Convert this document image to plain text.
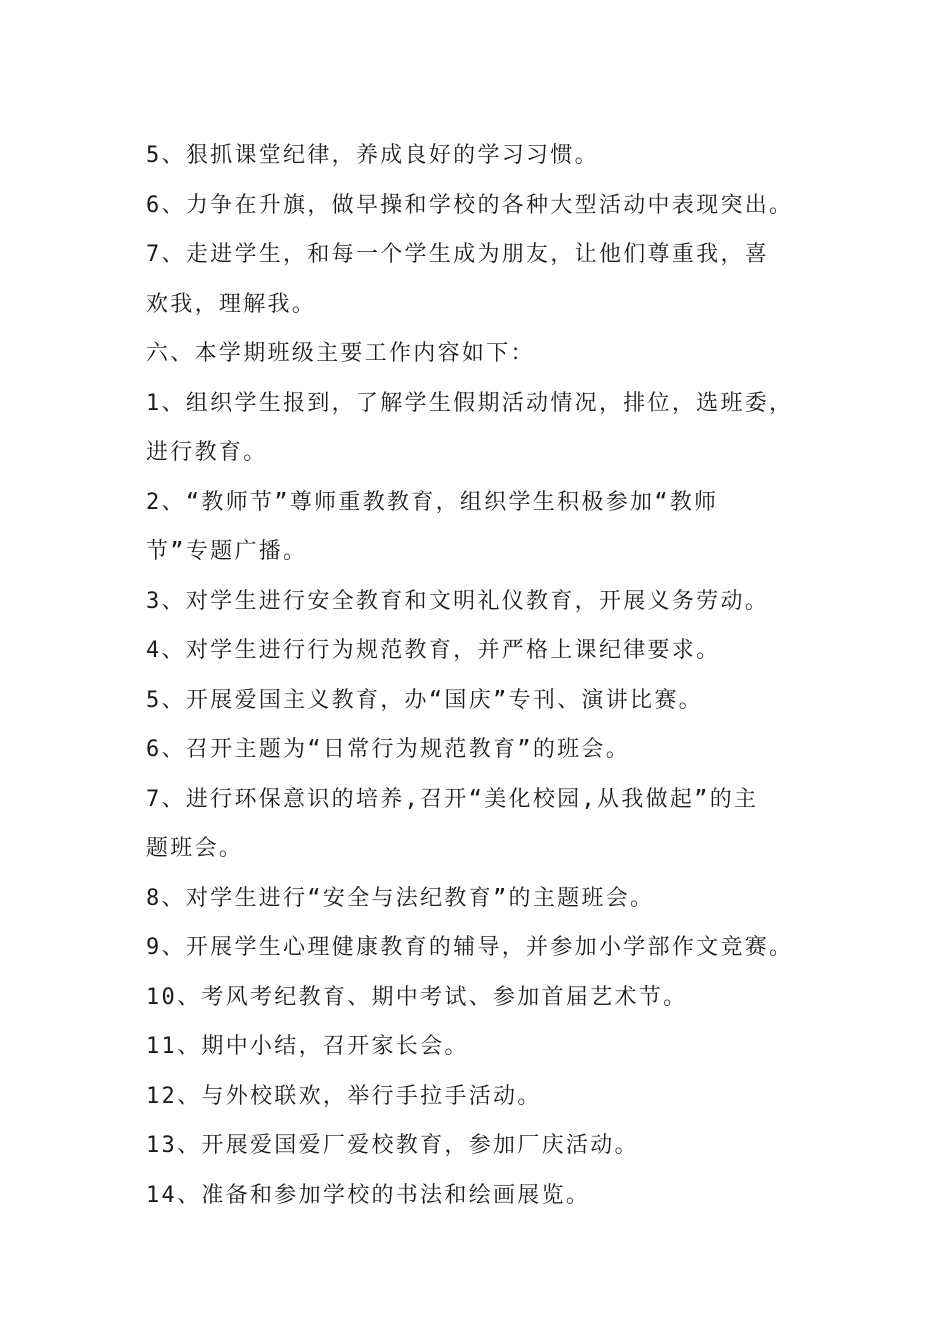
5、狠抓课堂纪律，养成良好的学习习惯。

6、力争在升旗，做早操和学校的各种大型活动中表现突出。

7、走进学生，和每一个学生成为朋友，让他们尊重我，喜

欢我，理解我。

六、本学期班级主要工作内容如下：

1、组织学生报到，了解学生假期活动情况，排位，选班委，

进行教育。

2、“教师节”尊师重教教育，组织学生积极参加“教师

节”专题广播。

3、对学生进行安全教育和文明礼仪教育，开展义务劳动。

4、对学生进行行为规范教育，并严格上课纪律要求。

5、开展爱国主义教育，办“国庆”专刊、演讲比赛。

6、召开主题为“日常行为规范教育”的班会。

7、进行环保意识的培养,召开“美化校园,从我做起”的主

题班会。

8、对学生进行“安全与法纪教育”的主题班会。

9、开展学生心理健康教育的辅导，并参加小学部作文竞赛。

10、考风考纪教育、期中考试、参加首届艺术节。

11、期中小结，召开家长会。

12、与外校联欢，举行手拉手活动。

13、开展爱国爱厂爱校教育，参加厂庆活动。

14、准备和参加学校的书法和绘画展览。
